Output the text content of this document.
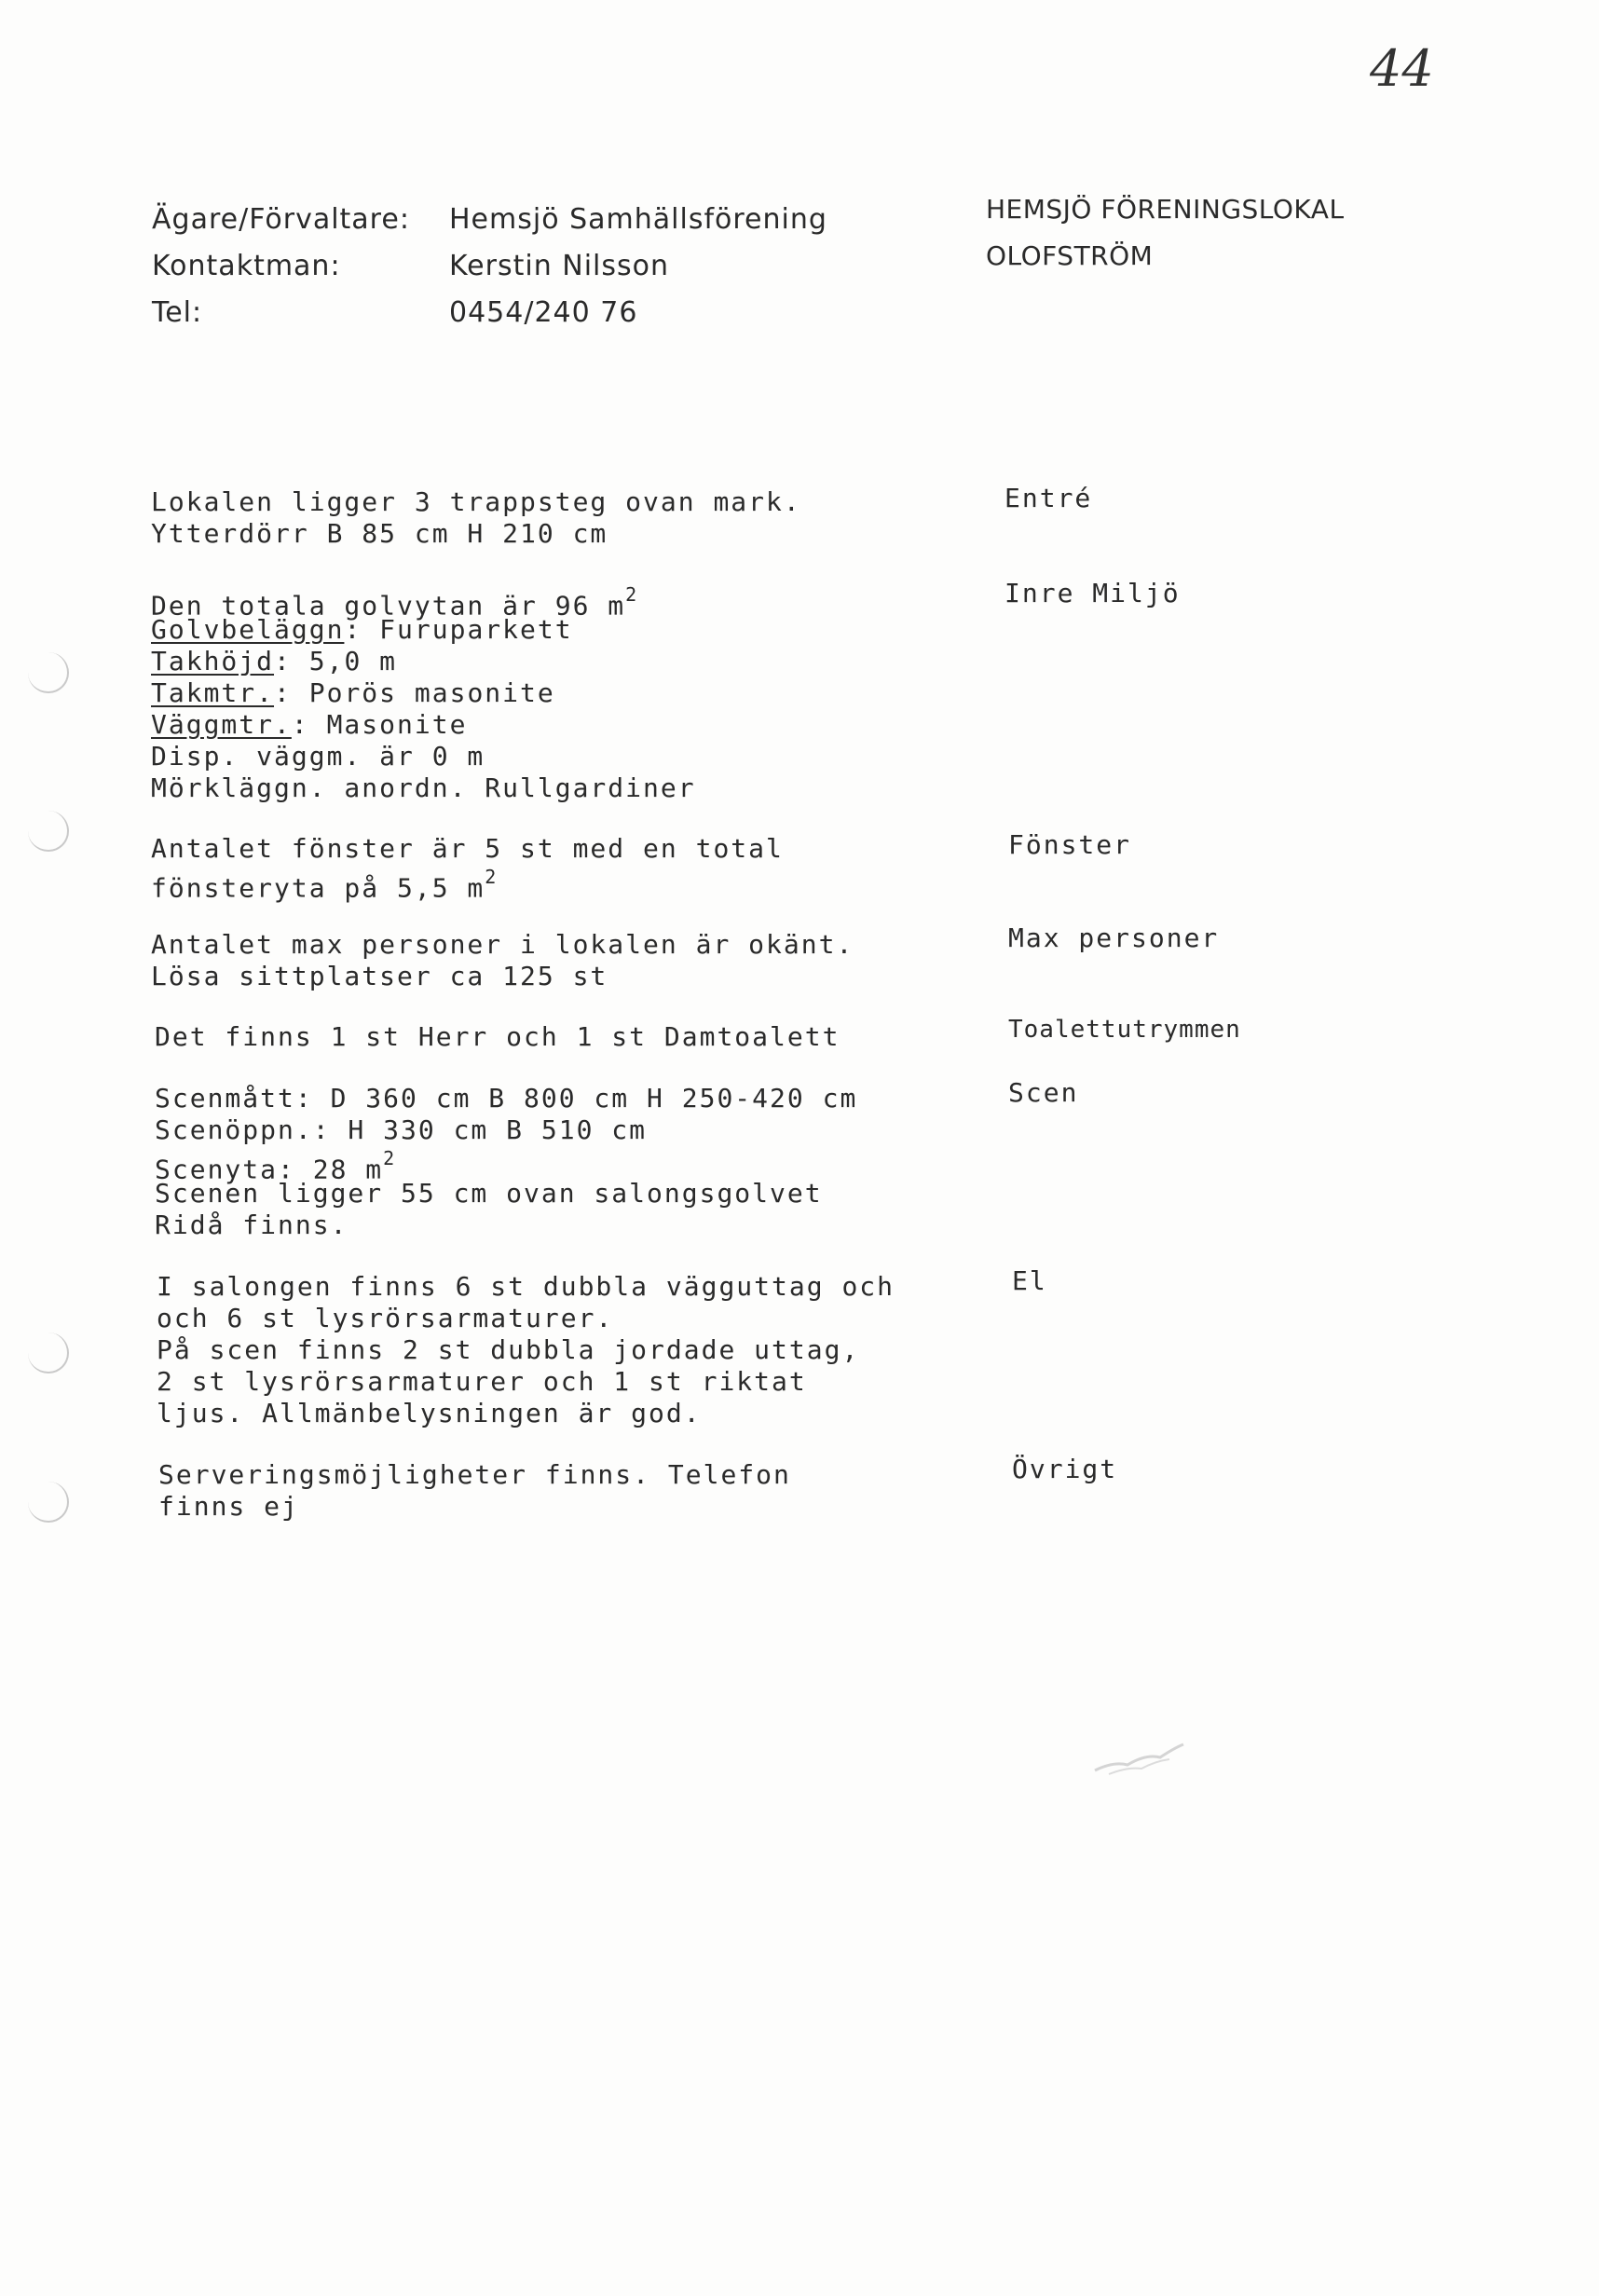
44
Ägare/Förvaltare: Hemsjö Samhällsförening
Kontaktman:	Kerstin Nilsson
Tel:	0454/240 76
HEMSJÖ FÖRENINGSLOKAL
OLOFSTRÖM
Lokalen ligger 3 trappsteg ovan mark.
Ytterdörr B 85 cm H 210 cm
Entré
Den totala golvytan är 96 $m^2$
Golvbeläggn: Furuparkett
Takhöjd: 5,0 m
Takmtr.: Porös masonite
Väggmtr.: Masonite
Disp. väggm. är 0 m
Mörkläggn. anordn. Rullgardiner
Inre Miljö
Antalet fönster är 5 st med en total
fönsteryta på 5,5 $m^2$
Fönster
Antalet max personer i lokalen är okänt.
Lösa sittplatser ca 125 st
Max personer
Det finns 1 st Herr och 1 st Damtoalett	Toalettutrymmen
Scenmått: D 360 cm B 800 cm H 250-420 cm
Scenöppn.: H 330 cm B 510 cm
Scenyta: 28 $m^2$
Scenen ligger 55 cm ovan salongsgolvet
Ridå finns.
Scen
I salongen finns 6 st dubbla vägguttag och
och 6 st lysrörsarmaturer.
På scen finns 2 st dubbla jordade uttag,
2 st lysrörsarmaturer och 1 st riktat
ljus. Allmänbelysningen är god.
El
Serveringsmöjligheter finns. Telefon
finns ej
Övrigt
